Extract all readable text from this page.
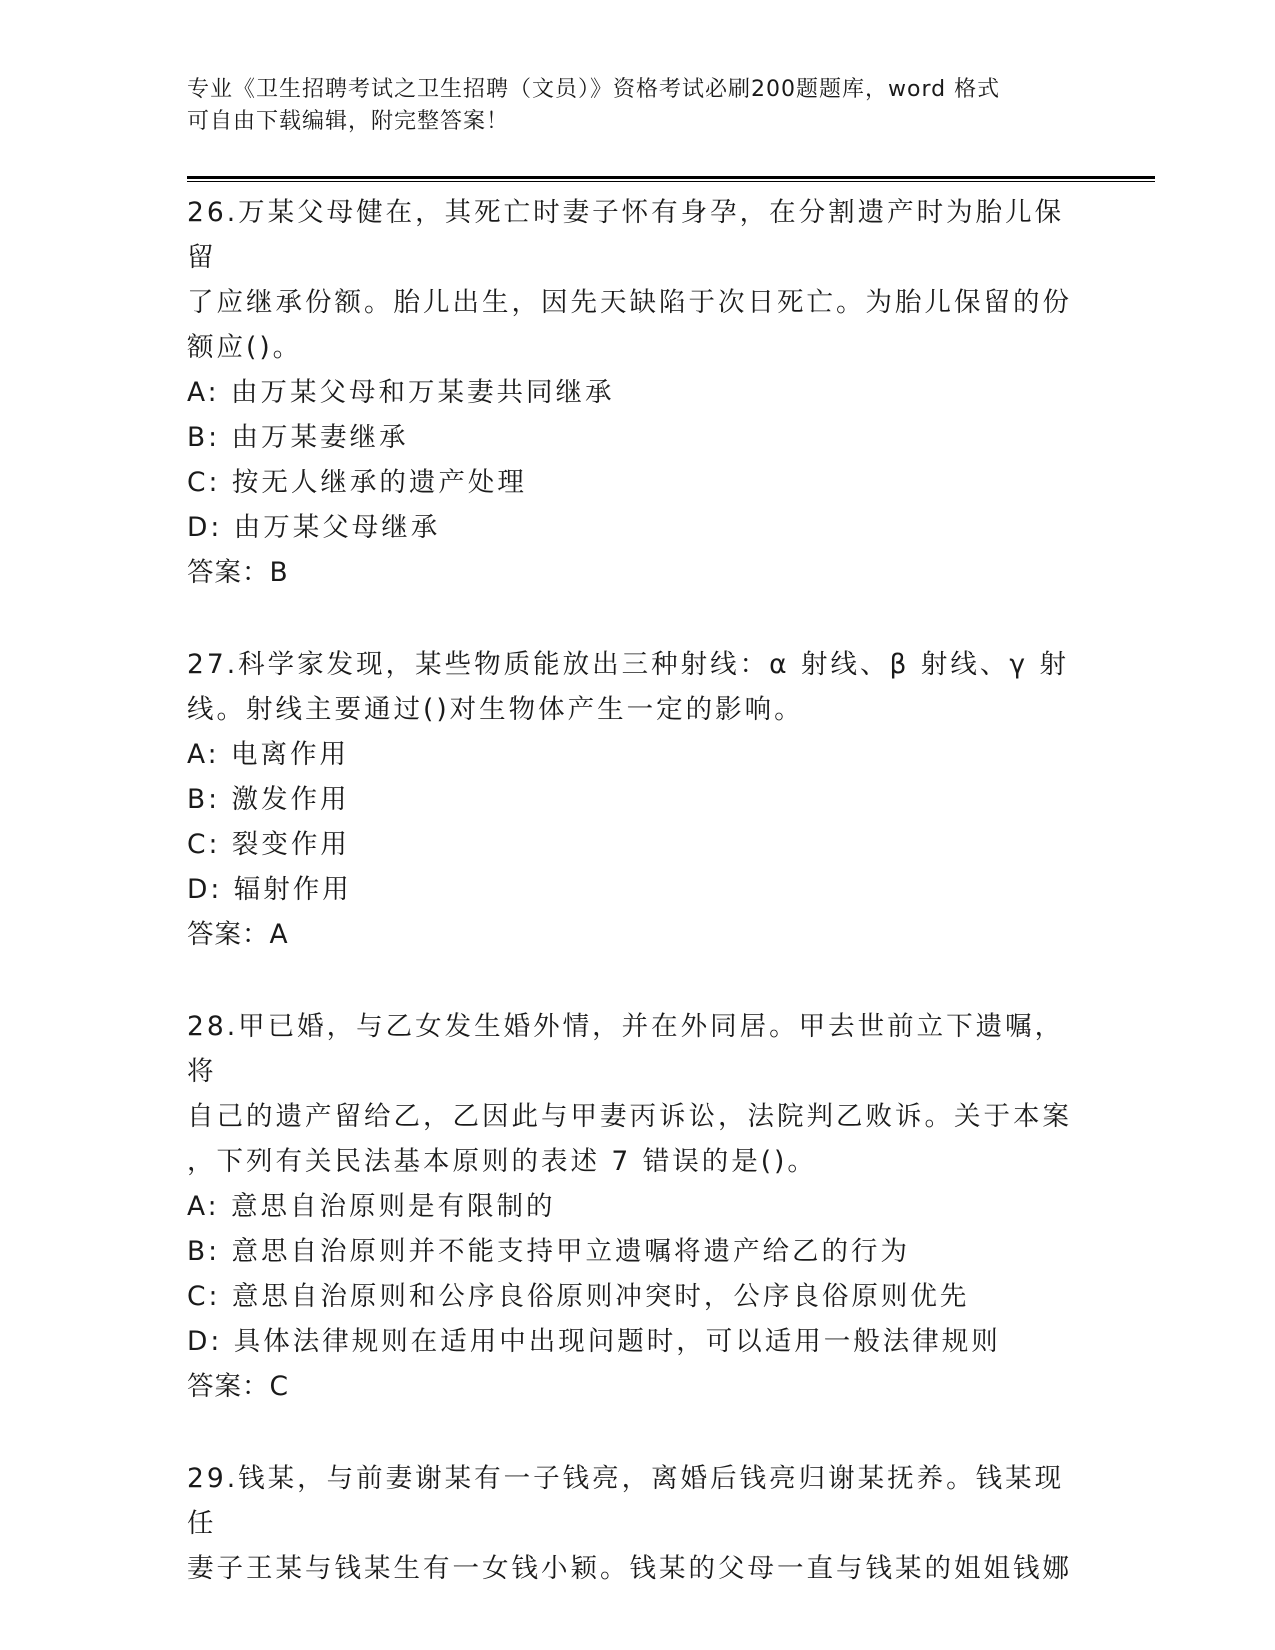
专业《卫生招聘考试之卫生招聘（文员）》资格考试必刷200题题库，word 格式
可自由下载编辑，附完整答案！

26.万某父母健在，其死亡时妻子怀有身孕，在分割遗产时为胎儿保留

了应继承份额。胎儿出生，因先天缺陷于次日死亡。为胎儿保留的份

额应()。

A: 由万某父母和万某妻共同继承

B: 由万某妻继承

C: 按无人继承的遗产处理

D: 由万某父母继承

答案：B

27.科学家发现，某些物质能放出三种射线：α 射线、β 射线、γ 射

线。射线主要通过()对生物体产生一定的影响。

A: 电离作用

B: 激发作用

C: 裂变作用

D: 辐射作用

答案：A

28.甲已婚，与乙女发生婚外情，并在外同居。甲去世前立下遗嘱，将

自己的遗产留给乙，乙因此与甲妻丙诉讼，法院判乙败诉。关于本案

，下列有关民法基本原则的表述 7 错误的是()。

A: 意思自治原则是有限制的

B: 意思自治原则并不能支持甲立遗嘱将遗产给乙的行为

C: 意思自治原则和公序良俗原则冲突时，公序良俗原则优先

D: 具体法律规则在适用中出现问题时，可以适用一般法律规则

答案：C

29.钱某，与前妻谢某有一子钱亮，离婚后钱亮归谢某抚养。钱某现任

妻子王某与钱某生有一女钱小颖。钱某的父母一直与钱某的姐姐钱娜
